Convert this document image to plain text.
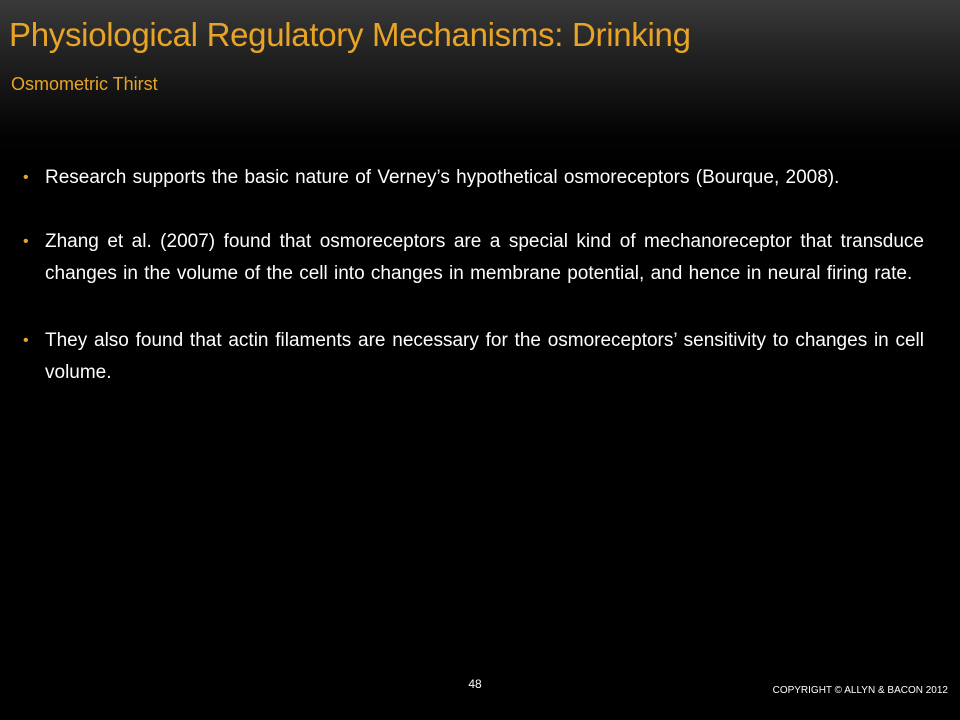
Physiological Regulatory Mechanisms: Drinking
Osmometric Thirst
• Research supports the basic nature of Verney’s hypothetical osmoreceptors (Bourque, 2008).
• Zhang et al. (2007) found that osmoreceptors are a special kind of mechanoreceptor that transduce changes in the volume of the cell into changes in membrane potential, and hence in neural firing rate.
• They also found that actin filaments are necessary for the osmoreceptors’ sensitivity to changes in cell volume.
48	COPYRIGHT © ALLYN & BACON 2012
